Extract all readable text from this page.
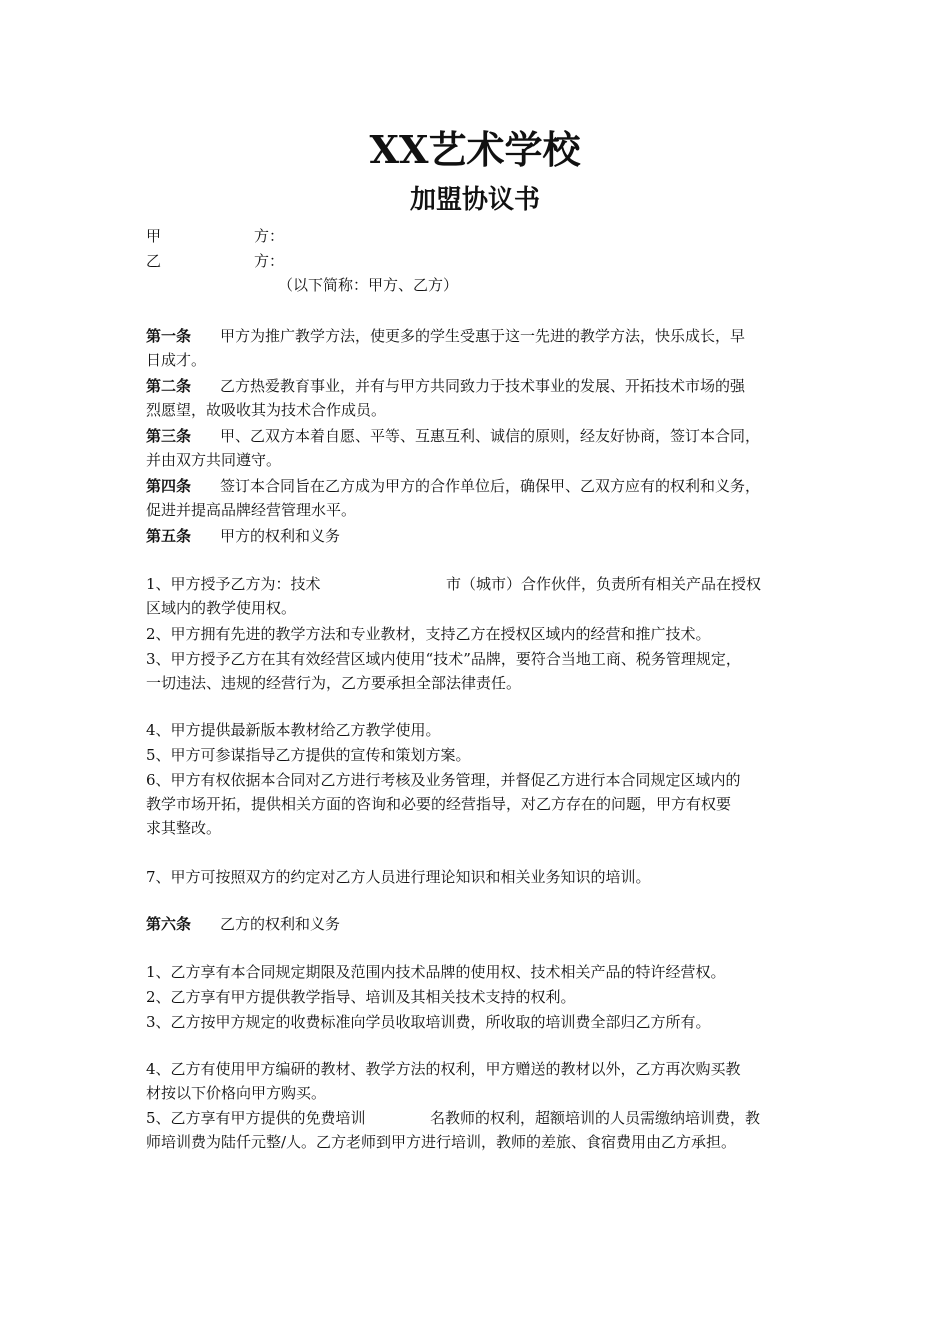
XX艺术学校
加盟协议书
甲	方：
乙	方：
（以下简称：甲方、乙方）
第一条 甲方为推广教学方法，使更多的学生受惠于这一先进的教学方法，快乐成长，早
日成才。
第二条 乙方热爱教育事业，并有与甲方共同致力于技术事业的发展、开拓技术市场的强
烈愿望，故吸收其为技术合作成员。
第三条 甲、乙双方本着自愿、平等、互惠互利、诚信的原则，经友好协商，签订本合同，
并由双方共同遵守。
第四条 签订本合同旨在乙方成为甲方的合作单位后，确保甲、乙双方应有的权利和义务，
促进并提高品牌经营管理水平。
第五条 甲方的权利和义务
1、甲方授予乙方为：技术	市（城市）合作伙伴，负责所有相关产品在授权
区域内的教学使用权。
2、甲方拥有先进的教学方法和专业教材，支持乙方在授权区域内的经营和推广技术。
3、甲方授予乙方在其有效经营区域内使用“技术”品牌，要符合当地工商、税务管理规定，
一切违法、违规的经营行为，乙方要承担全部法律责任。
4、甲方提供最新版本教材给乙方教学使用。
5、甲方可参谋指导乙方提供的宣传和策划方案。
6、甲方有权依据本合同对乙方进行考核及业务管理，并督促乙方进行本合同规定区域内的
教学市场开拓，提供相关方面的咨询和必要的经营指导，对乙方存在的问题，甲方有权要
求其整改。
7、甲方可按照双方的约定对乙方人员进行理论知识和相关业务知识的培训。
第六条 乙方的权利和义务
1、乙方享有本合同规定期限及范围内技术品牌的使用权、技术相关产品的特许经营权。
2、乙方享有甲方提供教学指导、培训及其相关技术支持的权利。
3、乙方按甲方规定的收费标准向学员收取培训费，所收取的培训费全部归乙方所有。
4、乙方有使用甲方编研的教材、教学方法的权利，甲方赠送的教材以外，乙方再次购买教
材按以下价格向甲方购买。
5、乙方享有甲方提供的免费培训	名教师的权利，超额培训的人员需缴纳培训费，教
师培训费为陆仟元整/人。乙方老师到甲方进行培训，教师的差旅、食宿费用由乙方承担。
